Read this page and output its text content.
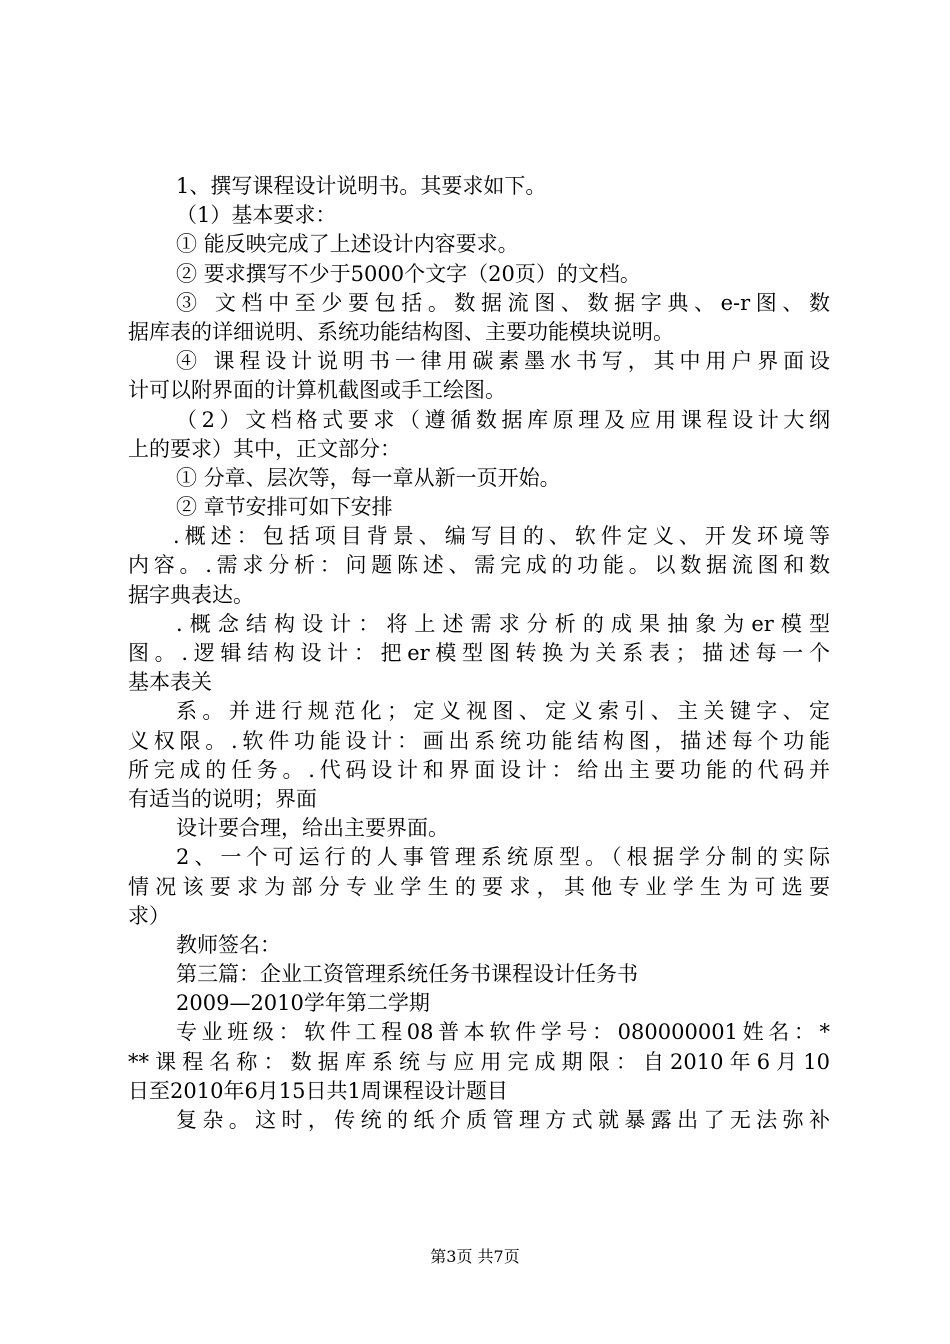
1、撰写课程设计说明书。其要求如下。
（1）基本要求：
① 能反映完成了上述设计内容要求。
② 要求撰写不少于5000个文字（20页）的文档。
③ 文档中至少要包括。数据流图、数据字典、e-r图、数
据库表的详细说明、系统功能结构图、主要功能模块说明。
④ 课程设计说明书一律用碳素墨水书写，其中用户界面设
计可以附界面的计算机截图或手工绘图。
（2）文档格式要求（遵循数据库原理及应用课程设计大纲
上的要求）其中，正文部分：
① 分章、层次等，每一章从新一页开始。
② 章节安排可如下安排
.概述：包括项目背景、编写目的、软件定义、开发环境等
内容。.需求分析：问题陈述、需完成的功能。以数据流图和数
据字典表达。
.概念结构设计：将上述需求分析的成果抽象为er模型
图。.逻辑结构设计：把er模型图转换为关系表；描述每一个
基本表关
系。并进行规范化；定义视图、定义索引、主关键字、定
义权限。.软件功能设计：画出系统功能结构图，描述每个功能
所完成的任务。.代码设计和界面设计：给出主要功能的代码并
有适当的说明；界面
设计要合理，给出主要界面。
2、一个可运行的人事管理系统原型。（根据学分制的实际
情况该要求为部分专业学生的要求，其他专业学生为可选要
求）
教师签名：
第三篇：企业工资管理系统任务书课程设计任务书
2009—2010学年第二学期
专业班级：软件工程08普本软件学号：080000001姓名：*
**课程名称：数据库系统与应用完成期限：自2010年6月10
日至2010年6月15日共1周课程设计题目
复杂。这时，传统的纸介质管理方式就暴露出了无法弥补
第3页 共7页
